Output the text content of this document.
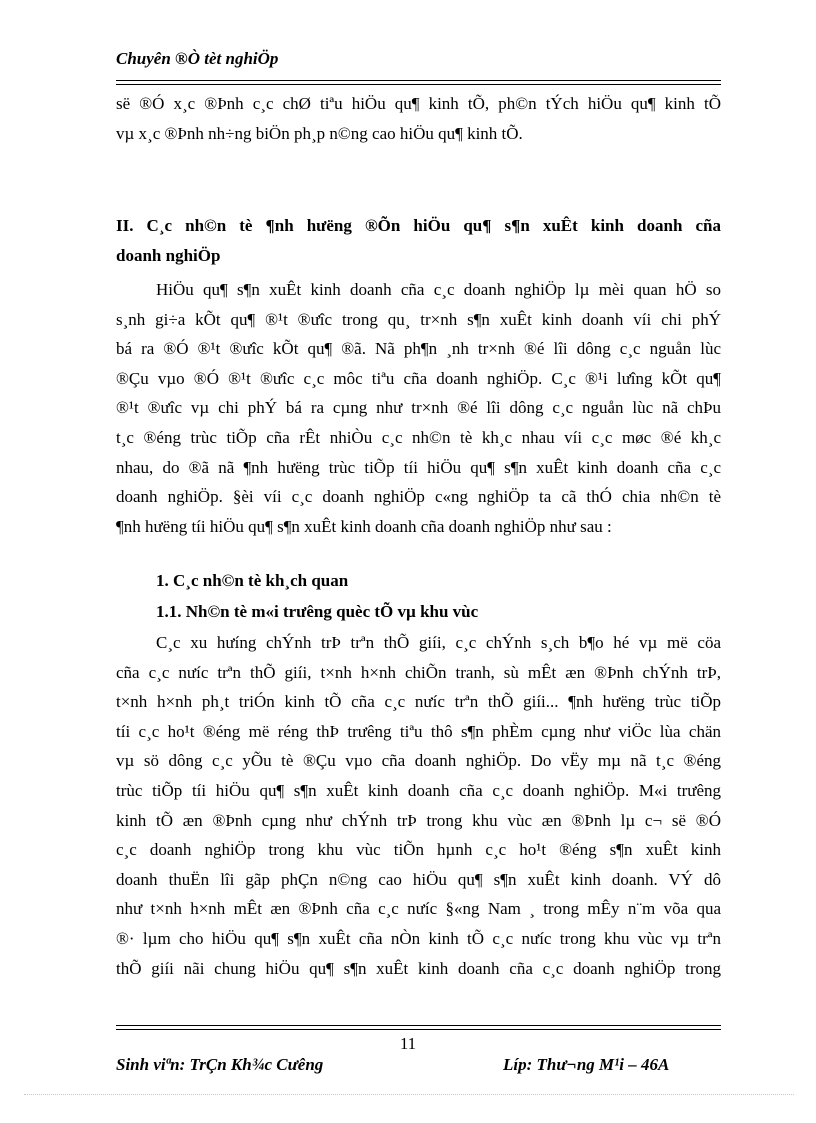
Chuyên ®Ò tèt nghiÖp
së ®Ó x¸c ®Þnh c¸c chØ tiªu hiÖu qu¶ kinh tÕ, ph©n tÝch hiÖu qu¶ kinh tÕ
vµ x¸c ®Þnh nh÷ng biÖn ph¸p n©ng cao hiÖu qu¶ kinh tÕ.
II. C¸c nh©n tè ¶nh hưëng ®Õn hiÖu qu¶ s¶n xuÊt kinh doanh cña
doanh nghiÖp
HiÖu qu¶ s¶n xuÊt kinh doanh cña c¸c doanh nghiÖp lµ mèi quan hÖ so
s¸nh gi÷a kÕt qu¶ ®¹t ®ưîc trong qu¸ tr×nh s¶n xuÊt kinh doanh víi chi phÝ
bá ra ®Ó ®¹t ®ưîc kÕt qu¶ ®ã. Nã ph¶n ¸nh tr×nh ®é lîi dông c¸c nguån lùc
®Çu vµo ®Ó ®¹t ®ưîc c¸c môc tiªu cña doanh nghiÖp. C¸c ®¹i lưîng kÕt qu¶
®¹t ®ưîc vµ chi phÝ bá ra cµng như tr×nh ®é lîi dông c¸c nguån lùc nã chÞu
t¸c ®éng trùc tiÕp cña rÊt nhiÒu c¸c nh©n tè kh¸c nhau víi c¸c møc ®é kh¸c
nhau, do ®ã nã ¶nh hưëng trùc tiÕp tíi hiÖu qu¶ s¶n xuÊt kinh doanh cña c¸c
doanh nghiÖp. §èi víi c¸c doanh nghiÖp c«ng nghiÖp ta cã thÓ chia nh©n tè
¶nh hưëng tíi hiÖu qu¶ s¶n xuÊt kinh doanh cña doanh nghiÖp như sau :
1. C¸c nh©n tè kh¸ch quan
1.1. Nh©n tè m«i trưêng quèc tÕ vµ khu vùc
C¸c xu hưíng chÝnh trÞ trªn thÕ giíi, c¸c chÝnh s¸ch b¶o hé vµ më cöa
cña c¸c nưíc trªn thÕ giíi, t×nh h×nh chiÕn tranh, sù mÊt æn ®Þnh chÝnh trÞ,
t×nh h×nh ph¸t triÓn kinh tÕ cña c¸c nưíc trªn thÕ giíi... ¶nh hưëng trùc tiÕp
tíi c¸c ho¹t ®éng më réng thÞ trưêng tiªu thô s¶n phÈm cµng như viÖc lùa chän
vµ sö dông c¸c yÕu tè ®Çu vµo cña doanh nghiÖp. Do vËy mµ nã t¸c ®éng
trùc tiÕp tíi hiÖu qu¶ s¶n xuÊt kinh doanh cña c¸c doanh nghiÖp. M«i trưêng
kinh tÕ æn ®Þnh cµng như chÝnh trÞ trong khu vùc æn ®Þnh lµ c¬ së ®Ó
c¸c doanh nghiÖp trong khu vùc tiÕn hµnh c¸c ho¹t ®éng s¶n xuÊt kinh
doanh thuËn lîi gãp phÇn n©ng cao hiÖu qu¶ s¶n xuÊt kinh doanh. VÝ dô
như t×nh h×nh mÊt æn ®Þnh cña c¸c nưíc §«ng Nam ¸ trong mÊy n¨m võa qua
®· lµm cho hiÖu qu¶ s¶n xuÊt cña nÒn kinh tÕ c¸c nưíc trong khu vùc vµ trªn
thÕ giíi nãi chung hiÖu qu¶ s¶n xuÊt kinh doanh cña c¸c doanh nghiÖp trong
11
Sinh viªn: TrÇn Kh¾c Cưêng	Líp: Thư¬ng M¹i – 46A
